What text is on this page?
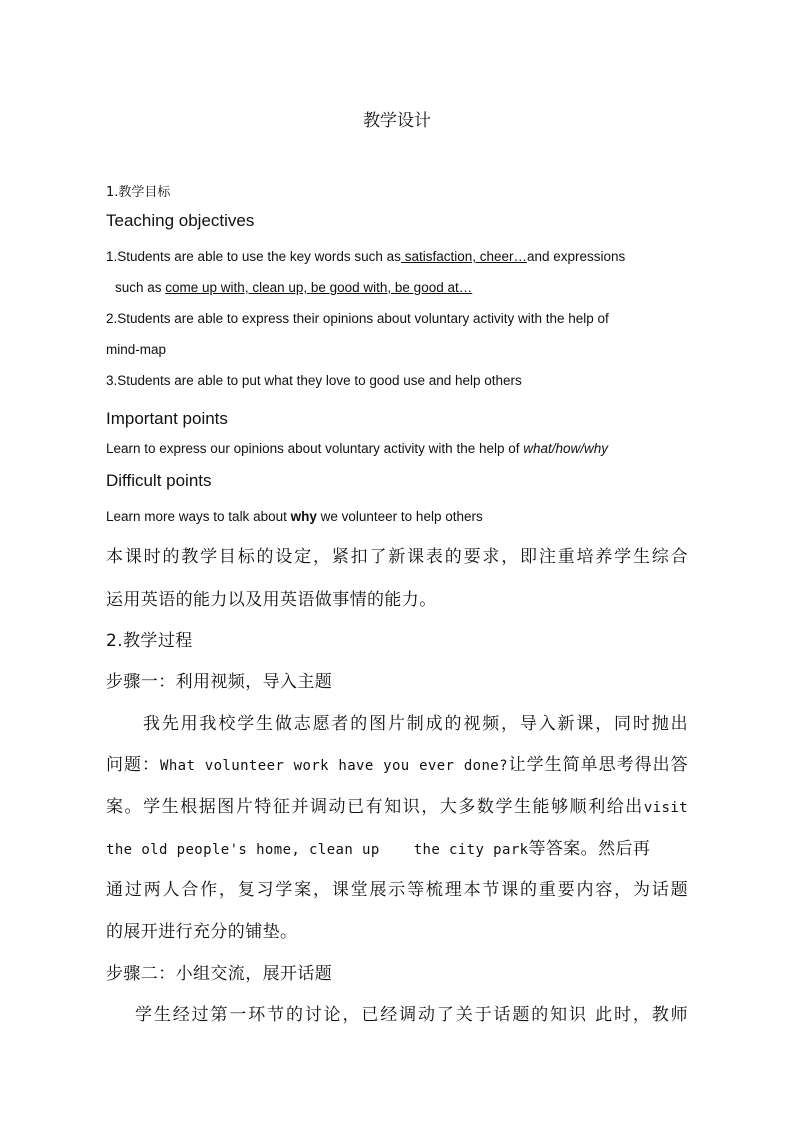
教学设计

1.教学目标

Teaching objectives

1.Students are able to use the key words such as satisfaction, cheer…and expressions

such as come up with, clean up, be good with, be good at…

2.Students are able to express their opinions about voluntary activity with the help of

mind-map

3.Students are able to put what they love to good use and help others

Important points

Learn to express our opinions about voluntary activity with the help of what/how/why

Difficult points

Learn more ways to talk about why we volunteer to help others

本课时的教学目标的设定，紧扣了新课表的要求，即注重培养学生综合

运用英语的能力以及用英语做事情的能力。

2.教学过程

步骤一：利用视频，导入主题

我先用我校学生做志愿者的图片制成的视频，导入新课，同时抛出

问题：What volunteer work have you ever done?让学生简单思考得出答

案。学生根据图片特征并调动已有知识，大多数学生能够顺利给出visit

the old people's home, clean up the city park等答案。然后再

通过两人合作，复习学案，课堂展示等梳理本节课的重要内容，为话题

的展开进行充分的铺垫。

步骤二：小组交流，展开话题

学生经过第一环节的讨论，已经调动了关于话题的知识 此时，教师
